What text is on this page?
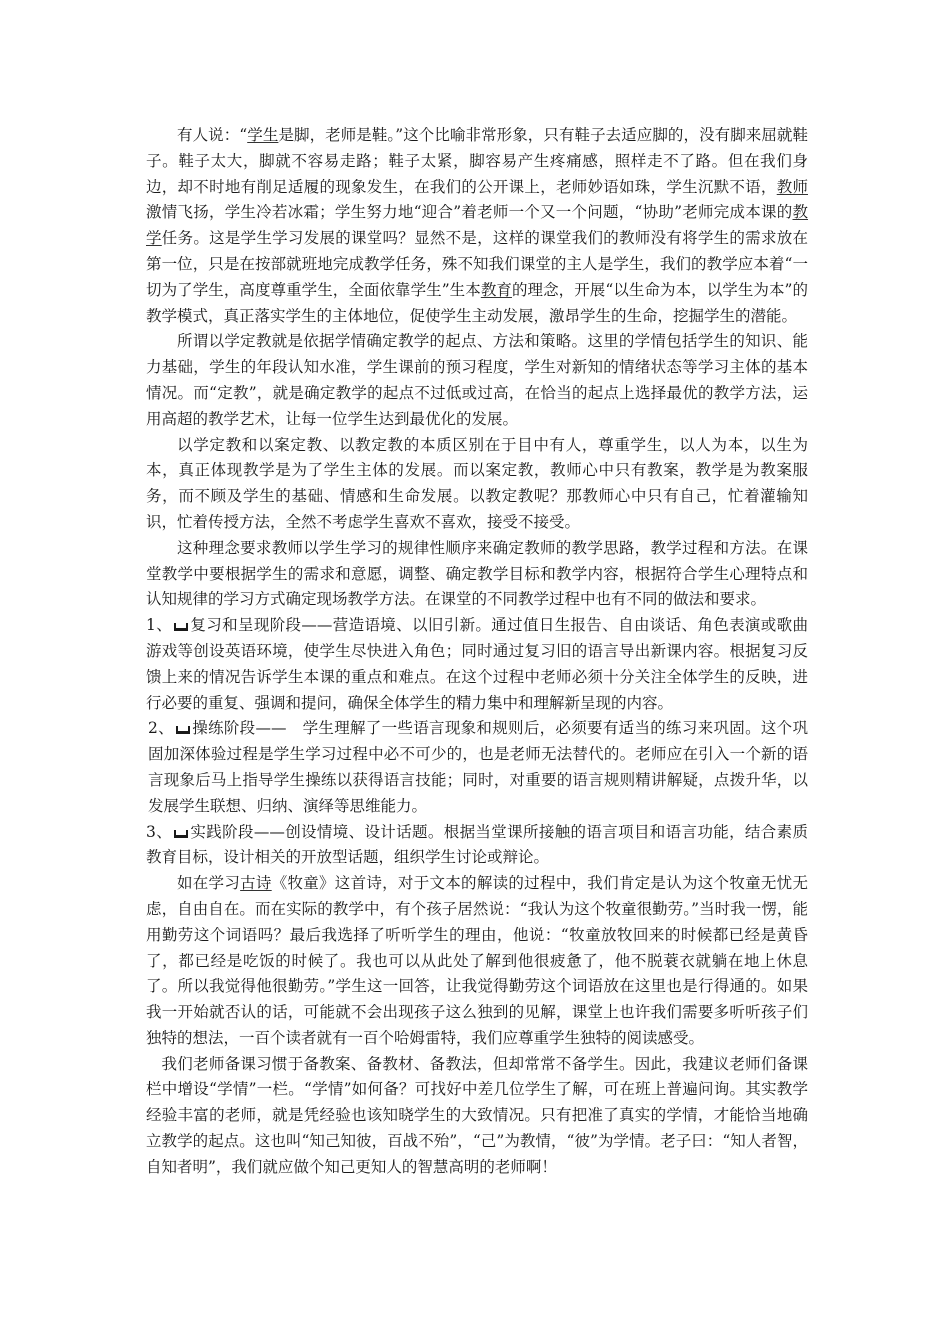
有人说：“学生是脚，老师是鞋。”这个比喻非常形象，只有鞋子去适应脚的，没有脚来屈就鞋子。鞋子太大，脚就不容易走路；鞋子太紧，脚容易产生疼痛感，照样走不了路。但在我们身边，却不时地有削足适履的现象发生，在我们的公开课上，老师妙语如珠，学生沉默不语，教师激情飞扬，学生冷若冰霜；学生努力地“迎合”着老师一个又一个问题，“协助”老师完成本课的教学任务。这是学生学习发展的课堂吗？显然不是，这样的课堂我们的教师没有将学生的需求放在第一位，只是在按部就班地完成教学任务，殊不知我们课堂的主人是学生，我们的教学应本着“一切为了学生，高度尊重学生，全面依靠学生”生本教育的理念，开展“以生命为本，以学生为本”的教学模式，真正落实学生的主体地位，促使学生主动发展，激昂学生的生命，挖掘学生的潜能。

所谓以学定教就是依据学情确定教学的起点、方法和策略。这里的学情包括学生的知识、能力基础，学生的年段认知水准，学生课前的预习程度，学生对新知的情绪状态等学习主体的基本情况。而“定教”，就是确定教学的起点不过低或过高，在恰当的起点上选择最优的教学方法，运用高超的教学艺术，让每一位学生达到最优化的发展。

以学定教和以案定教、以教定教的本质区别在于目中有人，尊重学生，以人为本，以生为本，真正体现教学是为了学生主体的发展。而以案定教，教师心中只有教案，教学是为教案服务，而不顾及学生的基础、情感和生命发展。以教定教呢？那教师心中只有自己，忙着灌输知识，忙着传授方法，全然不考虑学生喜欢不喜欢，接受不接受。

这种理念要求教师以学生学习的规律性顺序来确定教师的教学思路，教学过程和方法。在课堂教学中要根据学生的需求和意愿，调整、确定教学目标和教学内容，根据符合学生心理特点和认知规律的学习方式确定现场教学方法。在课堂的不同教学过程中也有不同的做法和要求。

1、 复习和呈现阶段——营造语境、以旧引新。通过值日生报告、自由谈话、角色表演或歌曲游戏等创设英语环境，使学生尽快进入角色；同时通过复习旧的语言导出新课内容。根据复习反馈上来的情况告诉学生本课的重点和难点。在这个过程中老师必须十分关注全体学生的反映，进行必要的重复、强调和提问，确保全体学生的精力集中和理解新呈现的内容。

2、 操练阶段——　学生理解了一些语言现象和规则后，必须要有适当的练习来巩固。这个巩固加深体验过程是学生学习过程中必不可少的，也是老师无法替代的。老师应在引入一个新的语言现象后马上指导学生操练以获得语言技能；同时，对重要的语言规则精讲解疑，点拨升华，以发展学生联想、归纳、演绎等思维能力。

3、 实践阶段——创设情境、设计话题。根据当堂课所接触的语言项目和语言功能，结合素质教育目标，设计相关的开放型话题，组织学生讨论或辩论。

如在学习古诗《牧童》这首诗，对于文本的解读的过程中，我们肯定是认为这个牧童无忧无虑，自由自在。而在实际的教学中，有个孩子居然说：“我认为这个牧童很勤劳。”当时我一愣，能用勤劳这个词语吗？最后我选择了听听学生的理由，他说：“牧童放牧回来的时候都已经是黄昏了，都已经是吃饭的时候了。我也可以从此处了解到他很疲惫了，他不脱蓑衣就躺在地上休息了。所以我觉得他很勤劳。”学生这一回答，让我觉得勤劳这个词语放在这里也是行得通的。如果我一开始就否认的话，可能就不会出现孩子这么独到的见解，课堂上也许我们需要多听听孩子们独特的想法，一百个读者就有一百个哈姆雷特，我们应尊重学生独特的阅读感受。

我们老师备课习惯于备教案、备教材、备教法，但却常常不备学生。因此，我建议老师们备课栏中增设“学情”一栏。“学情”如何备？可找好中差几位学生了解，可在班上普遍问询。其实教学经验丰富的老师，就是凭经验也该知晓学生的大致情况。只有把准了真实的学情，才能恰当地确立教学的起点。这也叫“知己知彼，百战不殆”，“己”为教情，“彼”为学情。老子曰：“知人者智，自知者明”，我们就应做个知己更知人的智慧高明的老师啊！
